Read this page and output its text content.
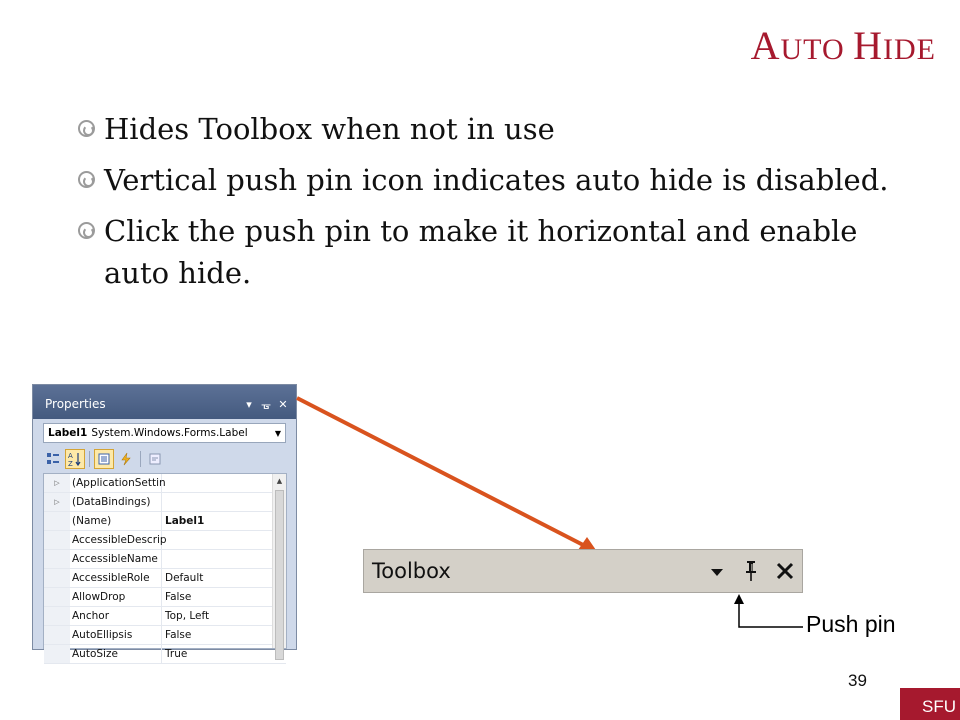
AUTO HIDE
Hides Toolbox when not in use
Vertical push pin icon indicates auto hide is disabled.
Click the push pin to make it horizontal and enable auto hide.
Properties	▾ ᚗ ✕
Label1 System.Windows.Forms.Label	▼
A
Z
▷	(ApplicationSettin
▷	(DataBindings)
(Name)	Label1
AccessibleDescrip
AccessibleName
AccessibleRole	Default
AllowDrop	False
Anchor	Top, Left
AutoEllipsis	False
AutoSize	True
▲
Toolbox
Push pin
39
SFU
